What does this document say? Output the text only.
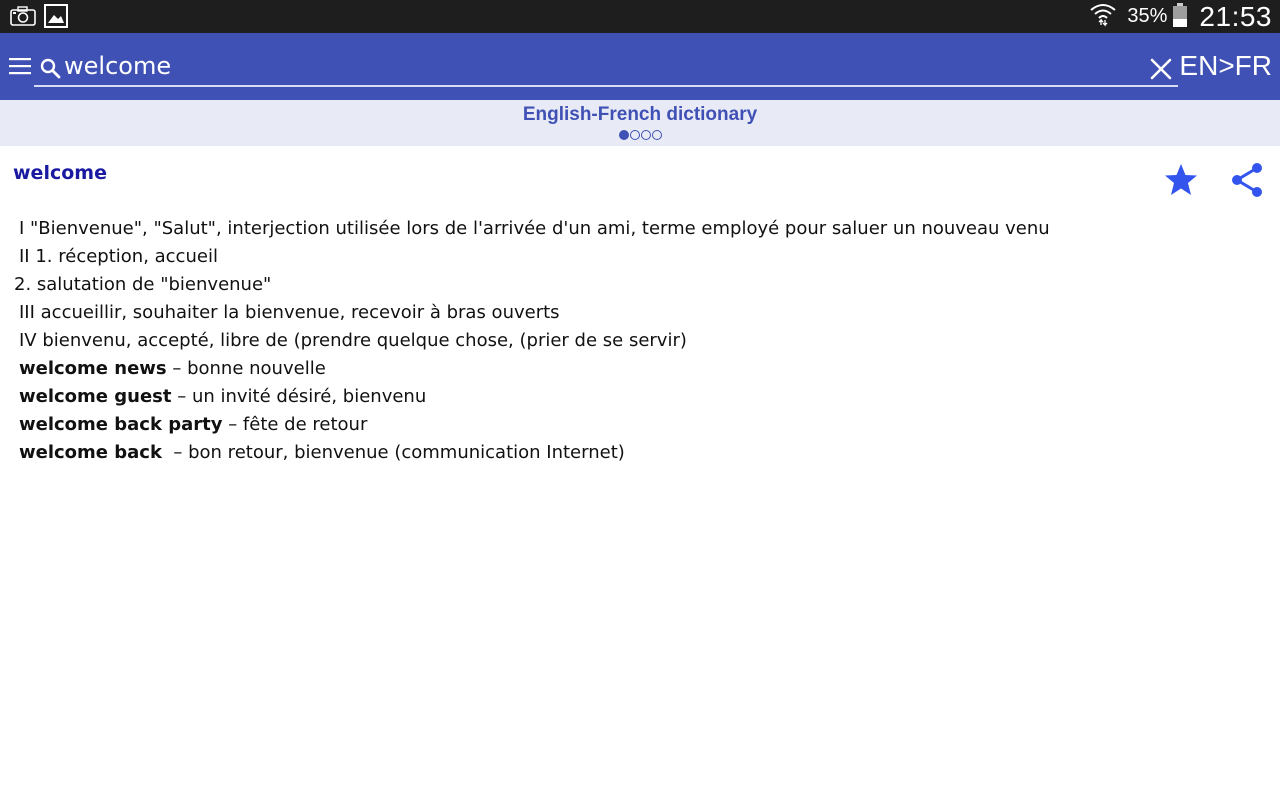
35% 21:53
welcome
EN>FR
English-French dictionary
welcome
I "Bienvenue", "Salut", interjection utilisée lors de l'arrivée d'un ami, terme employé pour saluer un nouveau venu
II 1. réception, accueil
2. salutation de "bienvenue"
III accueillir, souhaiter la bienvenue, recevoir à bras ouverts
IV bienvenu, accepté, libre de (prendre quelque chose, (prier de se servir)
welcome news – bonne nouvelle
welcome guest – un invité désiré, bienvenu
welcome back party – fête de retour
welcome back  – bon retour, bienvenue (communication Internet)
